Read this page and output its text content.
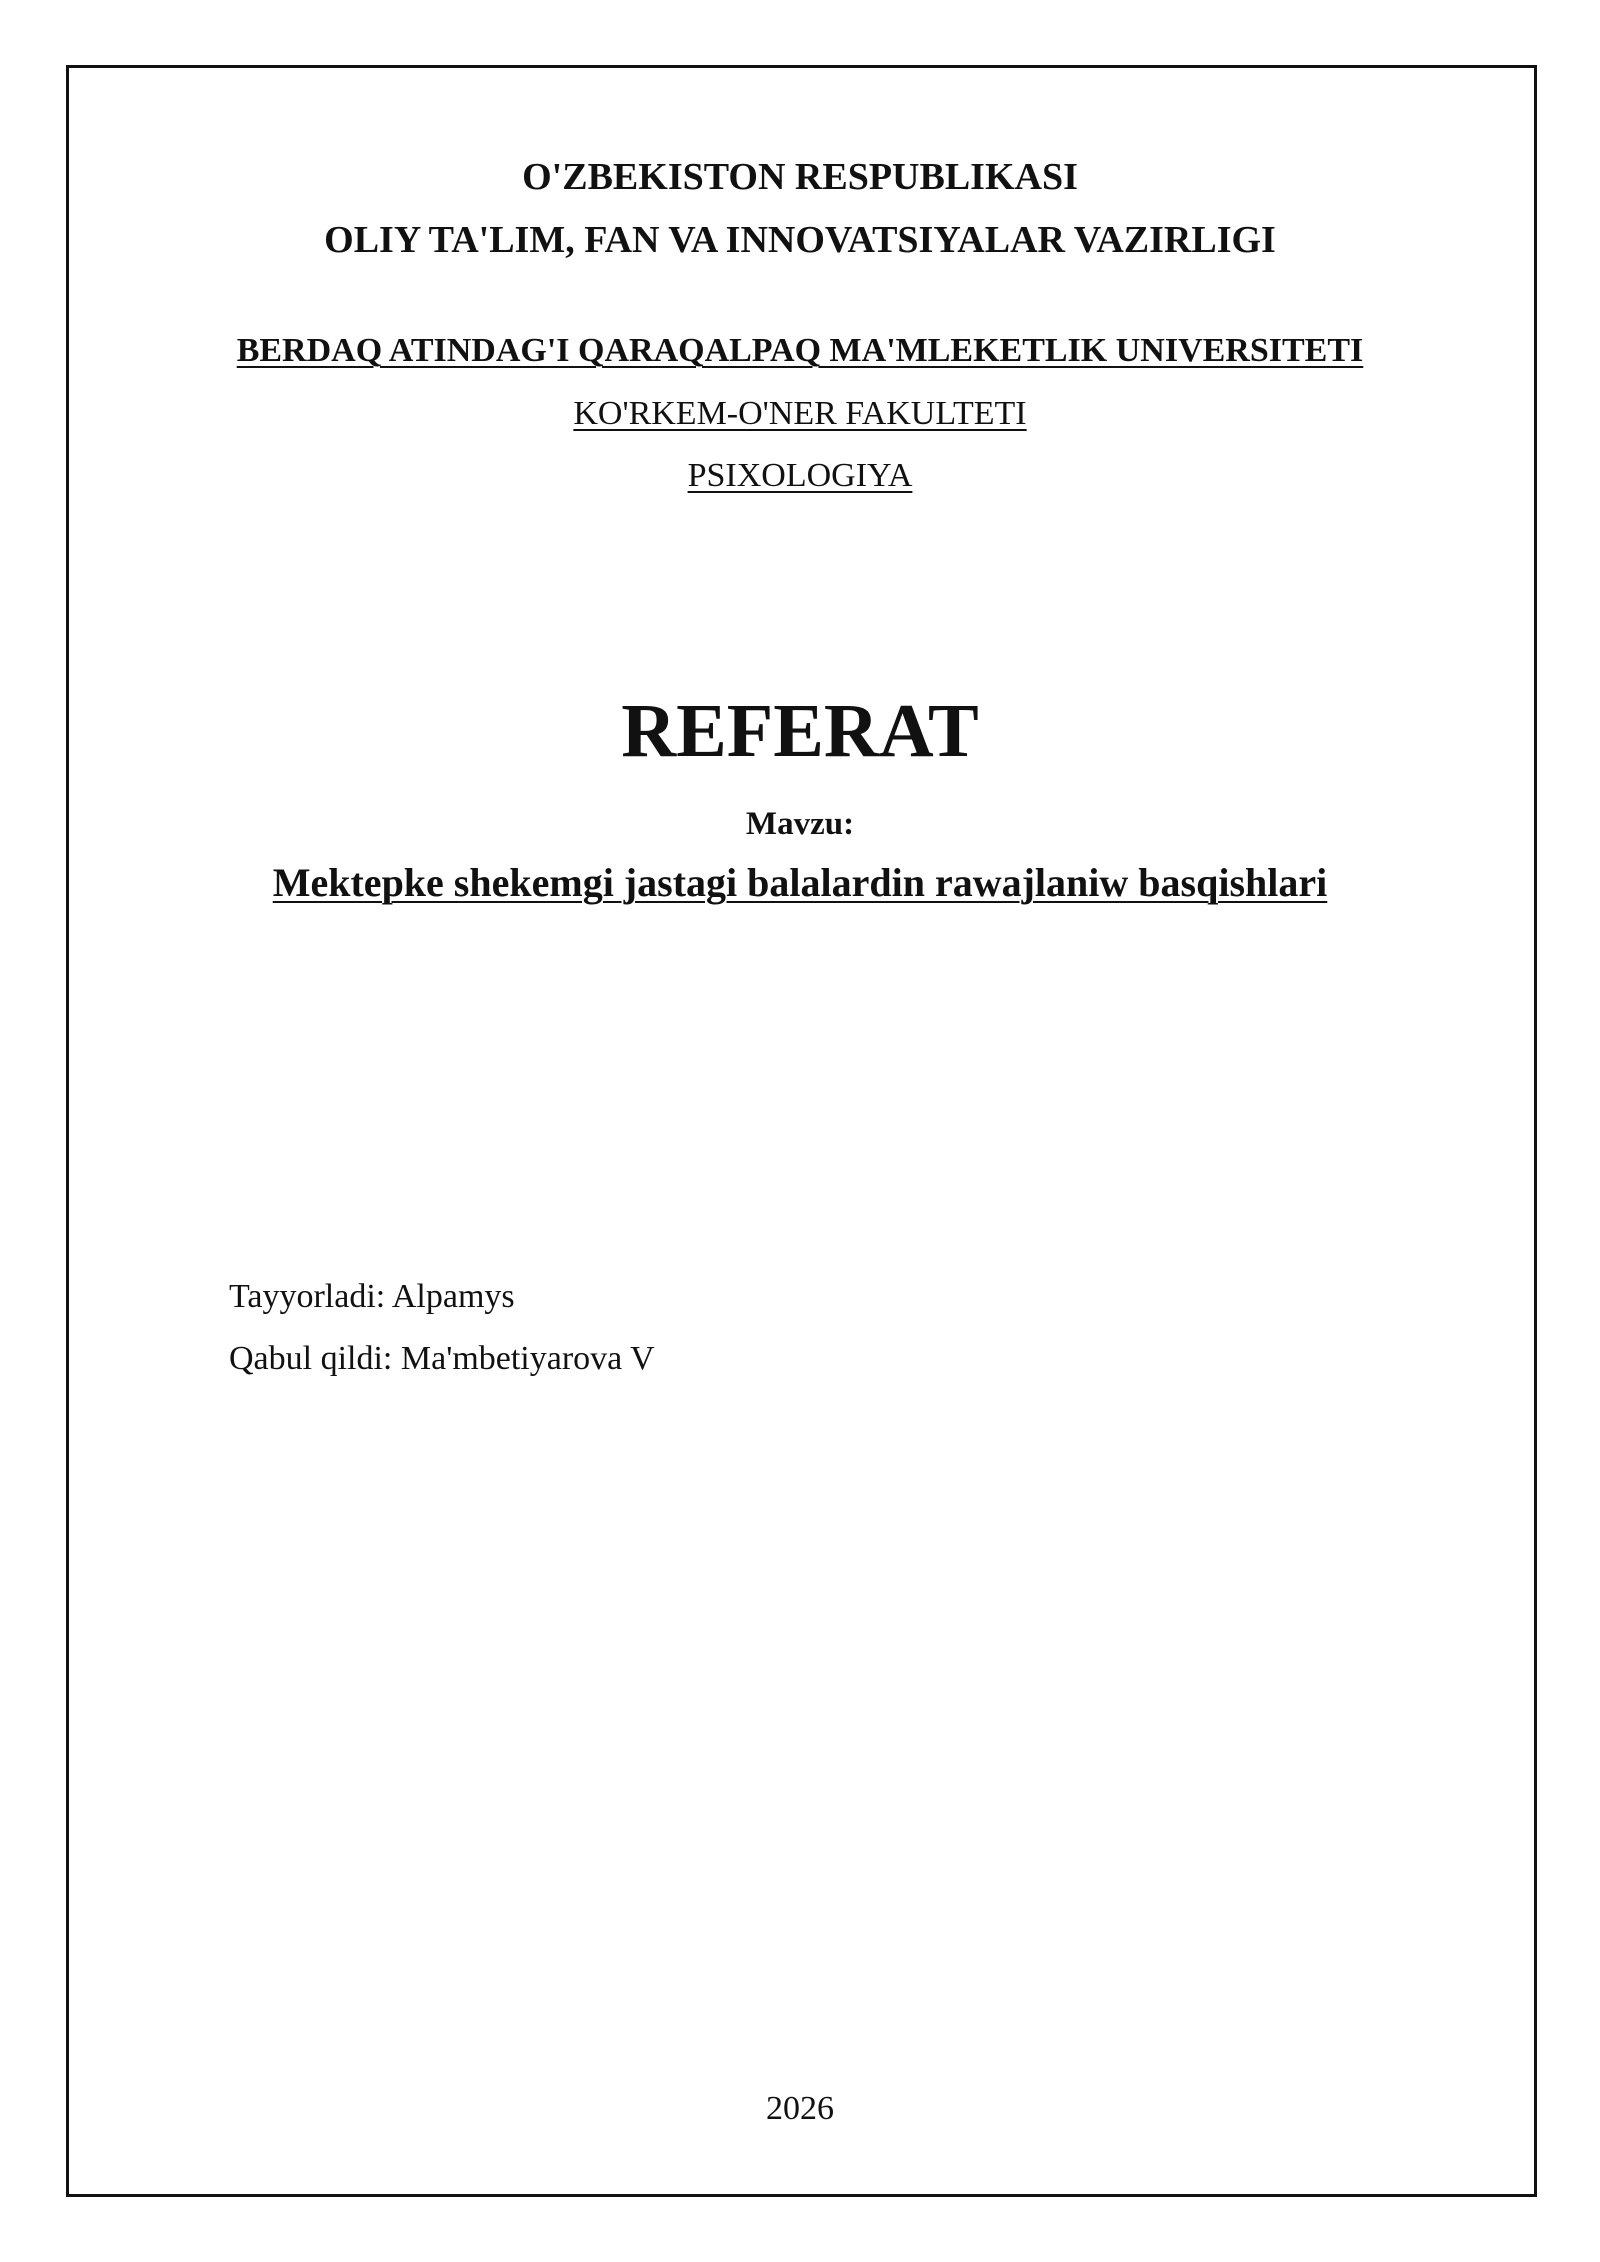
O'ZBEKISTON RESPUBLIKASI
OLIY TA'LIM, FAN VA INNOVATSIYALAR VAZIRLIGI
BERDAQ ATINDAG'I QARAQALPAQ MA'MLEKETLIK UNIVERSITETI
KO'RKEM-O'NER FAKULTETI
PSIXOLOGIYA
REFERAT
Mavzu:
Mektepke shekemgi jastagi balalardin rawajlaniw basqishlari
Tayyorladi: Alpamys
Qabul qildi: Ma'mbetiyarova V
2026
